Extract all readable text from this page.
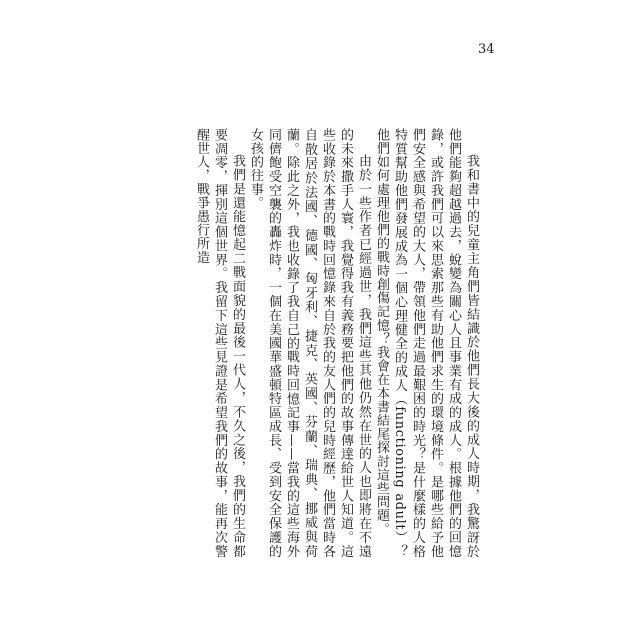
34

我和書中的兒童主角們皆結識於他們長大後的成人時期，我驚訝於他們能夠超越過去，蛻變為關心人且事業有成的成人。根據他們的回憶錄，或許我們可以來思索那些有助他們求生的環境條件。是哪些給予他們安全感與希望的大人，帶領他們走過最艱困的時光？是什麼樣的人格特質幫助他們發展成為一個心理健全的成人（functioning adult）？他們如何處理他們的戰時創傷記憶？我會在本書結尾探討這些問題。

由於一些作者已經過世，我們這些其他仍然在世的人也即將在不遠的未來撒手人寰，我覺得我有義務要把他們的故事傳達給世人知道。這些收錄於本書的戰時回憶錄來自於我的友人們的兒時經歷，他們當時各自散居於法國、德國、匈牙利、捷克、英國、芬蘭、瑞典、挪威與荷蘭。除此之外，我也收錄了我自己的戰時回憶記事——當我的這些海外同儕飽受空襲的轟炸時，一個在美國華盛頓特區成長、受到安全保護的女孩的往事。

我們是還能憶起二戰面貌的最後一代人，不久之後，我們的生命都要凋零，揮別這個世界。我留下這些見證是希望我們的故事，能再次警醒世人，戰爭愚行所造
